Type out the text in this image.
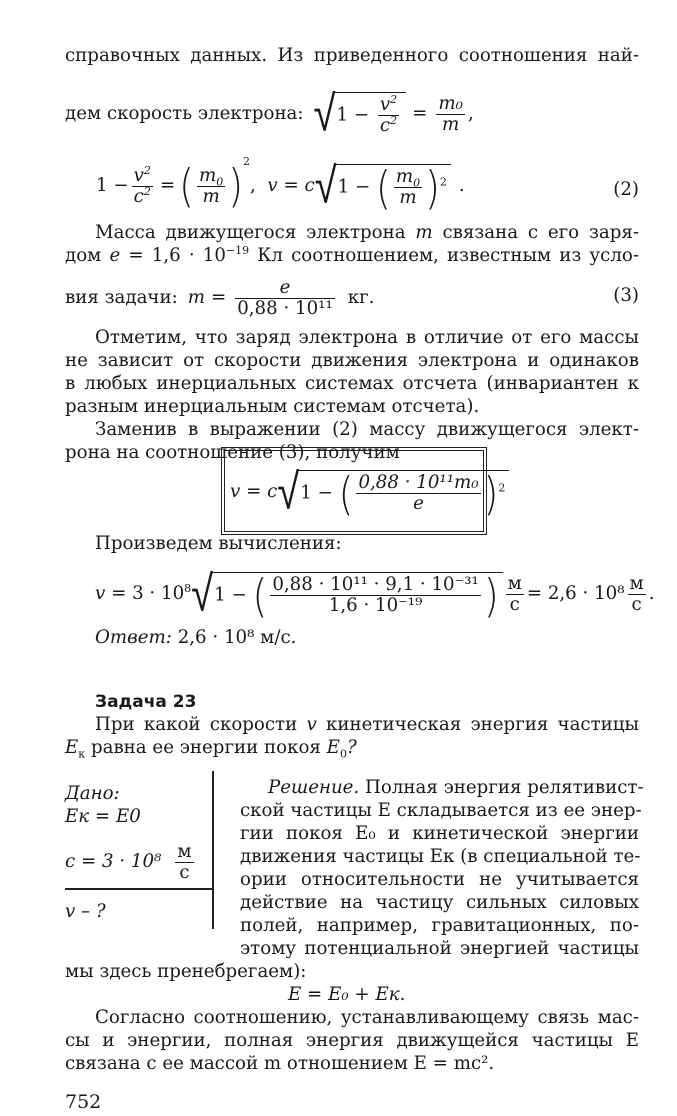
справочных данных. Из приведенного соотношения най-
дем скорость электрона: √ $1 - \frac{v^2}{c^2} = \frac{\text{m₀}}{m}$ ,
$1 - \frac{v^2}{c^2}$ = ( $m_0$
m ) 2
, v = c √ 1 − ( $\frac{m_0}{m} )^2$ .	(2)
Масса движущегося электрона m связана с его заря-
дом $e = 1,6 \cdot 10^{-19}$ Кл соотношением, известным из усло-
вия задачи: $m = \frac{e}{\text{0,88 · 10¹¹}}$ кг.	(3)
Отметим, что заряд электрона в отличие от его массы
не зависит от скорости движения электрона и одинаков
в любых инерциальных системах отсчета (инвариантен к
разным инерциальным системам отсчета).
Заменив в выражении (2) массу движущегося элект-
рона на соотношение (3), получим
v = c √ 1 − ( $\frac{\text{0,88 · 10¹¹m₀}}{e} )^2$
Произведем вычисления:
$v = 3 \cdot 10^8$ √ 1 − ( $\frac{\text{0,88 · 10¹¹ · 9,1 · 10⁻³¹}}{\text{1,6 · 10⁻¹⁹}}$ ) м
с = 2,6 · 10⁸ м
с .
Ответ: 2,6 · 10⁸ м/с.
Задача 23
При какой скорости v кинетическая энергия частицы
$E_к$ равна ее энергии покоя $E_0$?
Дано:
Eк = E0
c = 3 · 10⁸ м
с
v – ?
Решение. Полная энергия релятивист-
ской частицы E складывается из ее энер-
гии покоя E₀ и кинетической энергии
движения частицы Eк (в специальной те-
ории относительности не учитывается
действие на частицу сильных силовых
полей, например, гравитационных, по-
этому потенциальной энергией частицы
мы здесь пренебрегаем):
E = E₀ + Eк.
Согласно соотношению, устанавливающему связь мас-
сы и энергии, полная энергия движущейся частицы E
связана с ее массой m отношением E = mc².
752
